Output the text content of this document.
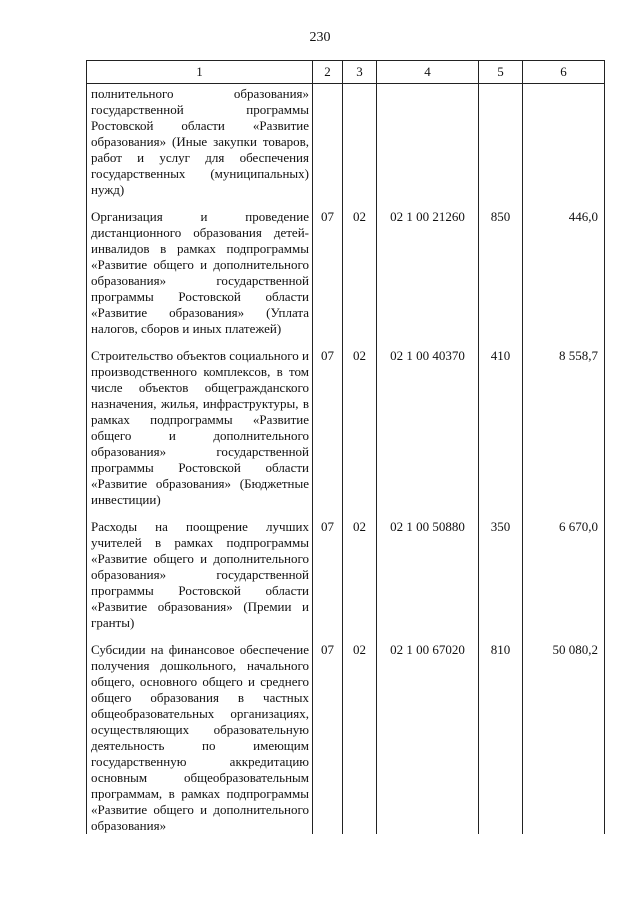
230
1	2	3	4	5	6
полнительного образования» государственной программы Ростовской области «Развитие образования» (Иные закупки товаров, работ и услуг для обеспечения государственных (муниципальных) нужд)					
Организация и проведение дистанционного образования детей-инвалидов в рамках подпрограммы «Развитие общего и дополнительного образования» государственной программы Ростовской области «Развитие образования» (Уплата налогов, сборов и иных платежей)	07	02	02 1 00 21260	850	446,0
Строительство объектов социального и производственного комплексов, в том числе объектов общегражданского назначения, жилья, инфраструктуры, в рамках подпрограммы «Развитие общего и дополнительного образования» государственной программы Ростовской области «Развитие образования» (Бюджетные инвестиции)	07	02	02 1 00 40370	410	8 558,7
Расходы на поощрение лучших учителей в рамках подпрограммы «Развитие общего и дополнительного образования» государственной программы Ростовской области «Развитие образования» (Премии и гранты)	07	02	02 1 00 50880	350	6 670,0
Субсидии на финансовое обеспечение получения дошкольного, начального общего, основного общего и среднего общего образования в частных общеобразовательных организациях, осуществляющих образовательную деятельность по имеющим государственную аккредитацию основным общеобразовательным программам, в рамках подпрограммы «Развитие общего и дополнительного образования»	07	02	02 1 00 67020	810	50 080,2
